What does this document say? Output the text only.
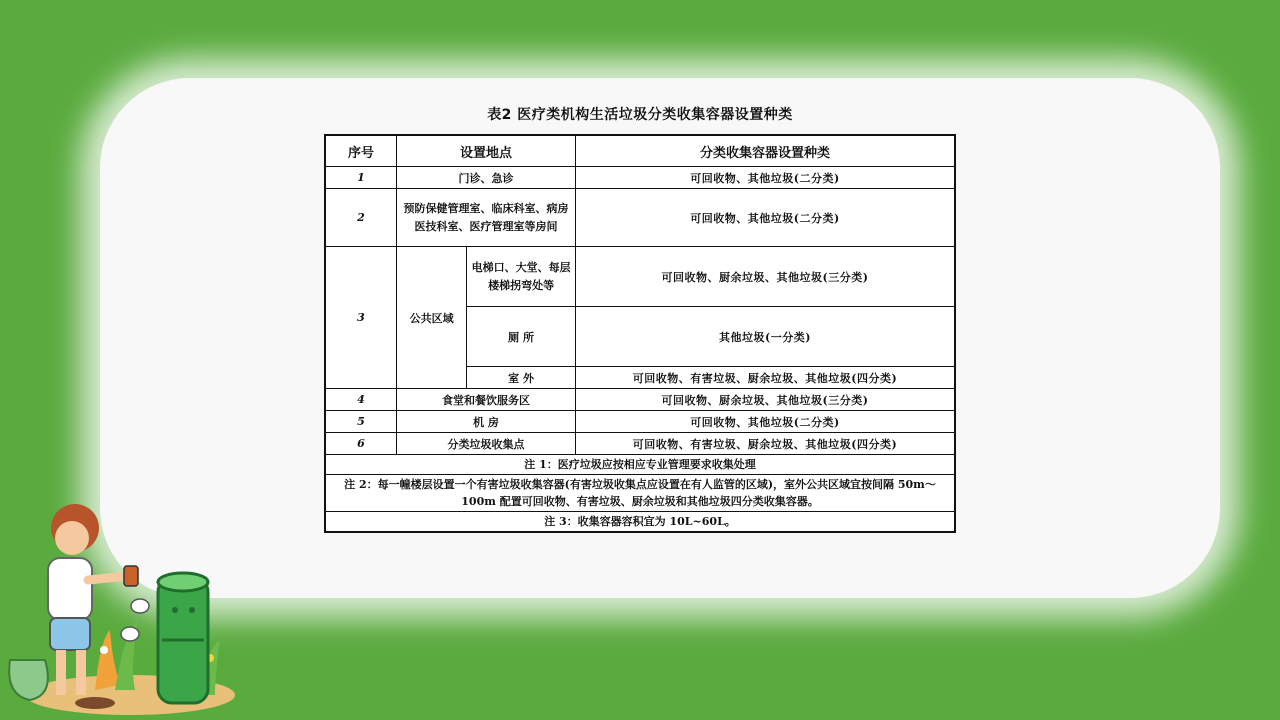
表2 医疗类机构生活垃圾分类收集容器设置种类
序号	设置地点		分类收集容器设置种类
1	门诊、急诊		可回收物、其他垃圾(二分类)
2	预防保健管理室、临床科室、病房医技科室、医疗管理室等房间		可回收物、其他垃圾(二分类)
3	公共区域	电梯口、大堂、每层楼梯拐弯处等	可回收物、厨余垃圾、其他垃圾(三分类)
		厕 所	其他垃圾(一分类)
		室 外	可回收物、有害垃圾、厨余垃圾、其他垃圾(四分类)
4	食堂和餐饮服务区		可回收物、厨余垃圾、其他垃圾(三分类)
5	机 房		可回收物、其他垃圾(二分类)
6	分类垃圾收集点		可回收物、有害垃圾、厨余垃圾、其他垃圾(四分类)
注 1：医疗垃圾应按相应专业管理要求收集处理			
注 2：每一幢楼层设置一个有害垃圾收集容器(有害垃圾收集点应设置在有人监管的区域)，室外公共区域宜按间隔 50m～100m 配置可回收物、有害垃圾、厨余垃圾和其他垃圾四分类收集容器。			
注 3：收集容器容积宜为 10L~60L。			
